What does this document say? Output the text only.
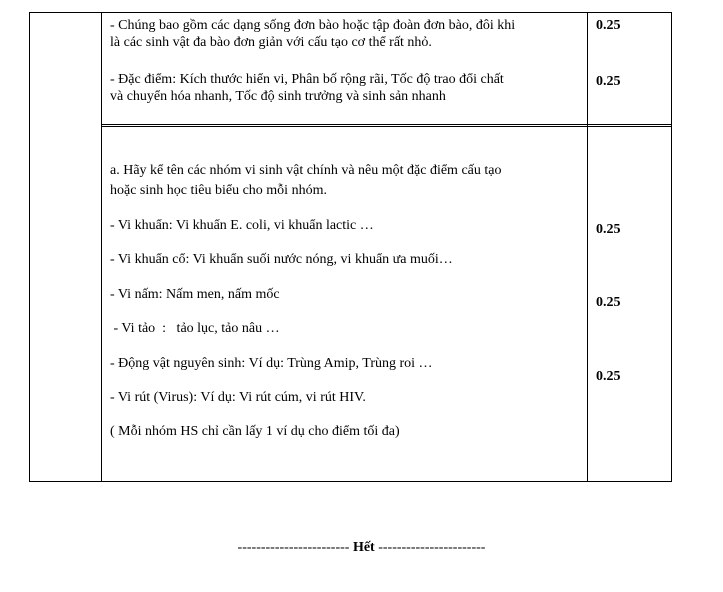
- Chúng bao gồm các dạng sống đơn bào hoặc tập đoàn đơn bào, đôi khi
là các sinh vật đa bào đơn giản với cấu tạo cơ thể rất nhỏ.
- Đặc điểm: Kích thước hiển vi, Phân bố rộng rãi, Tốc độ trao đổi chất
và chuyển hóa nhanh, Tốc độ sinh trưởng và sinh sản nhanh
0.25
0.25
a. Hãy kể tên các nhóm vi sinh vật chính và nêu một đặc điểm cấu tạo
hoặc sinh học tiêu biểu cho mỗi nhóm.
- Vi khuẩn: Vi khuẩn E. coli, vi khuẩn lactic …
- Vi khuẩn cổ: Vi khuẩn suối nước nóng, vi khuẩn ưa muối…
- Vi nấm: Nấm men, nấm mốc
- Vi tảo  :   tảo lục, tảo nâu …
- Động vật nguyên sinh: Ví dụ: Trùng Amip, Trùng roi …
- Vi rút (Virus): Ví dụ: Vi rút cúm, vi rút HIV.
( Mỗi nhóm HS chỉ cần lấy 1 ví dụ cho điểm tối đa)
0.25
0.25
0.25
------------------------ Hết -----------------------
